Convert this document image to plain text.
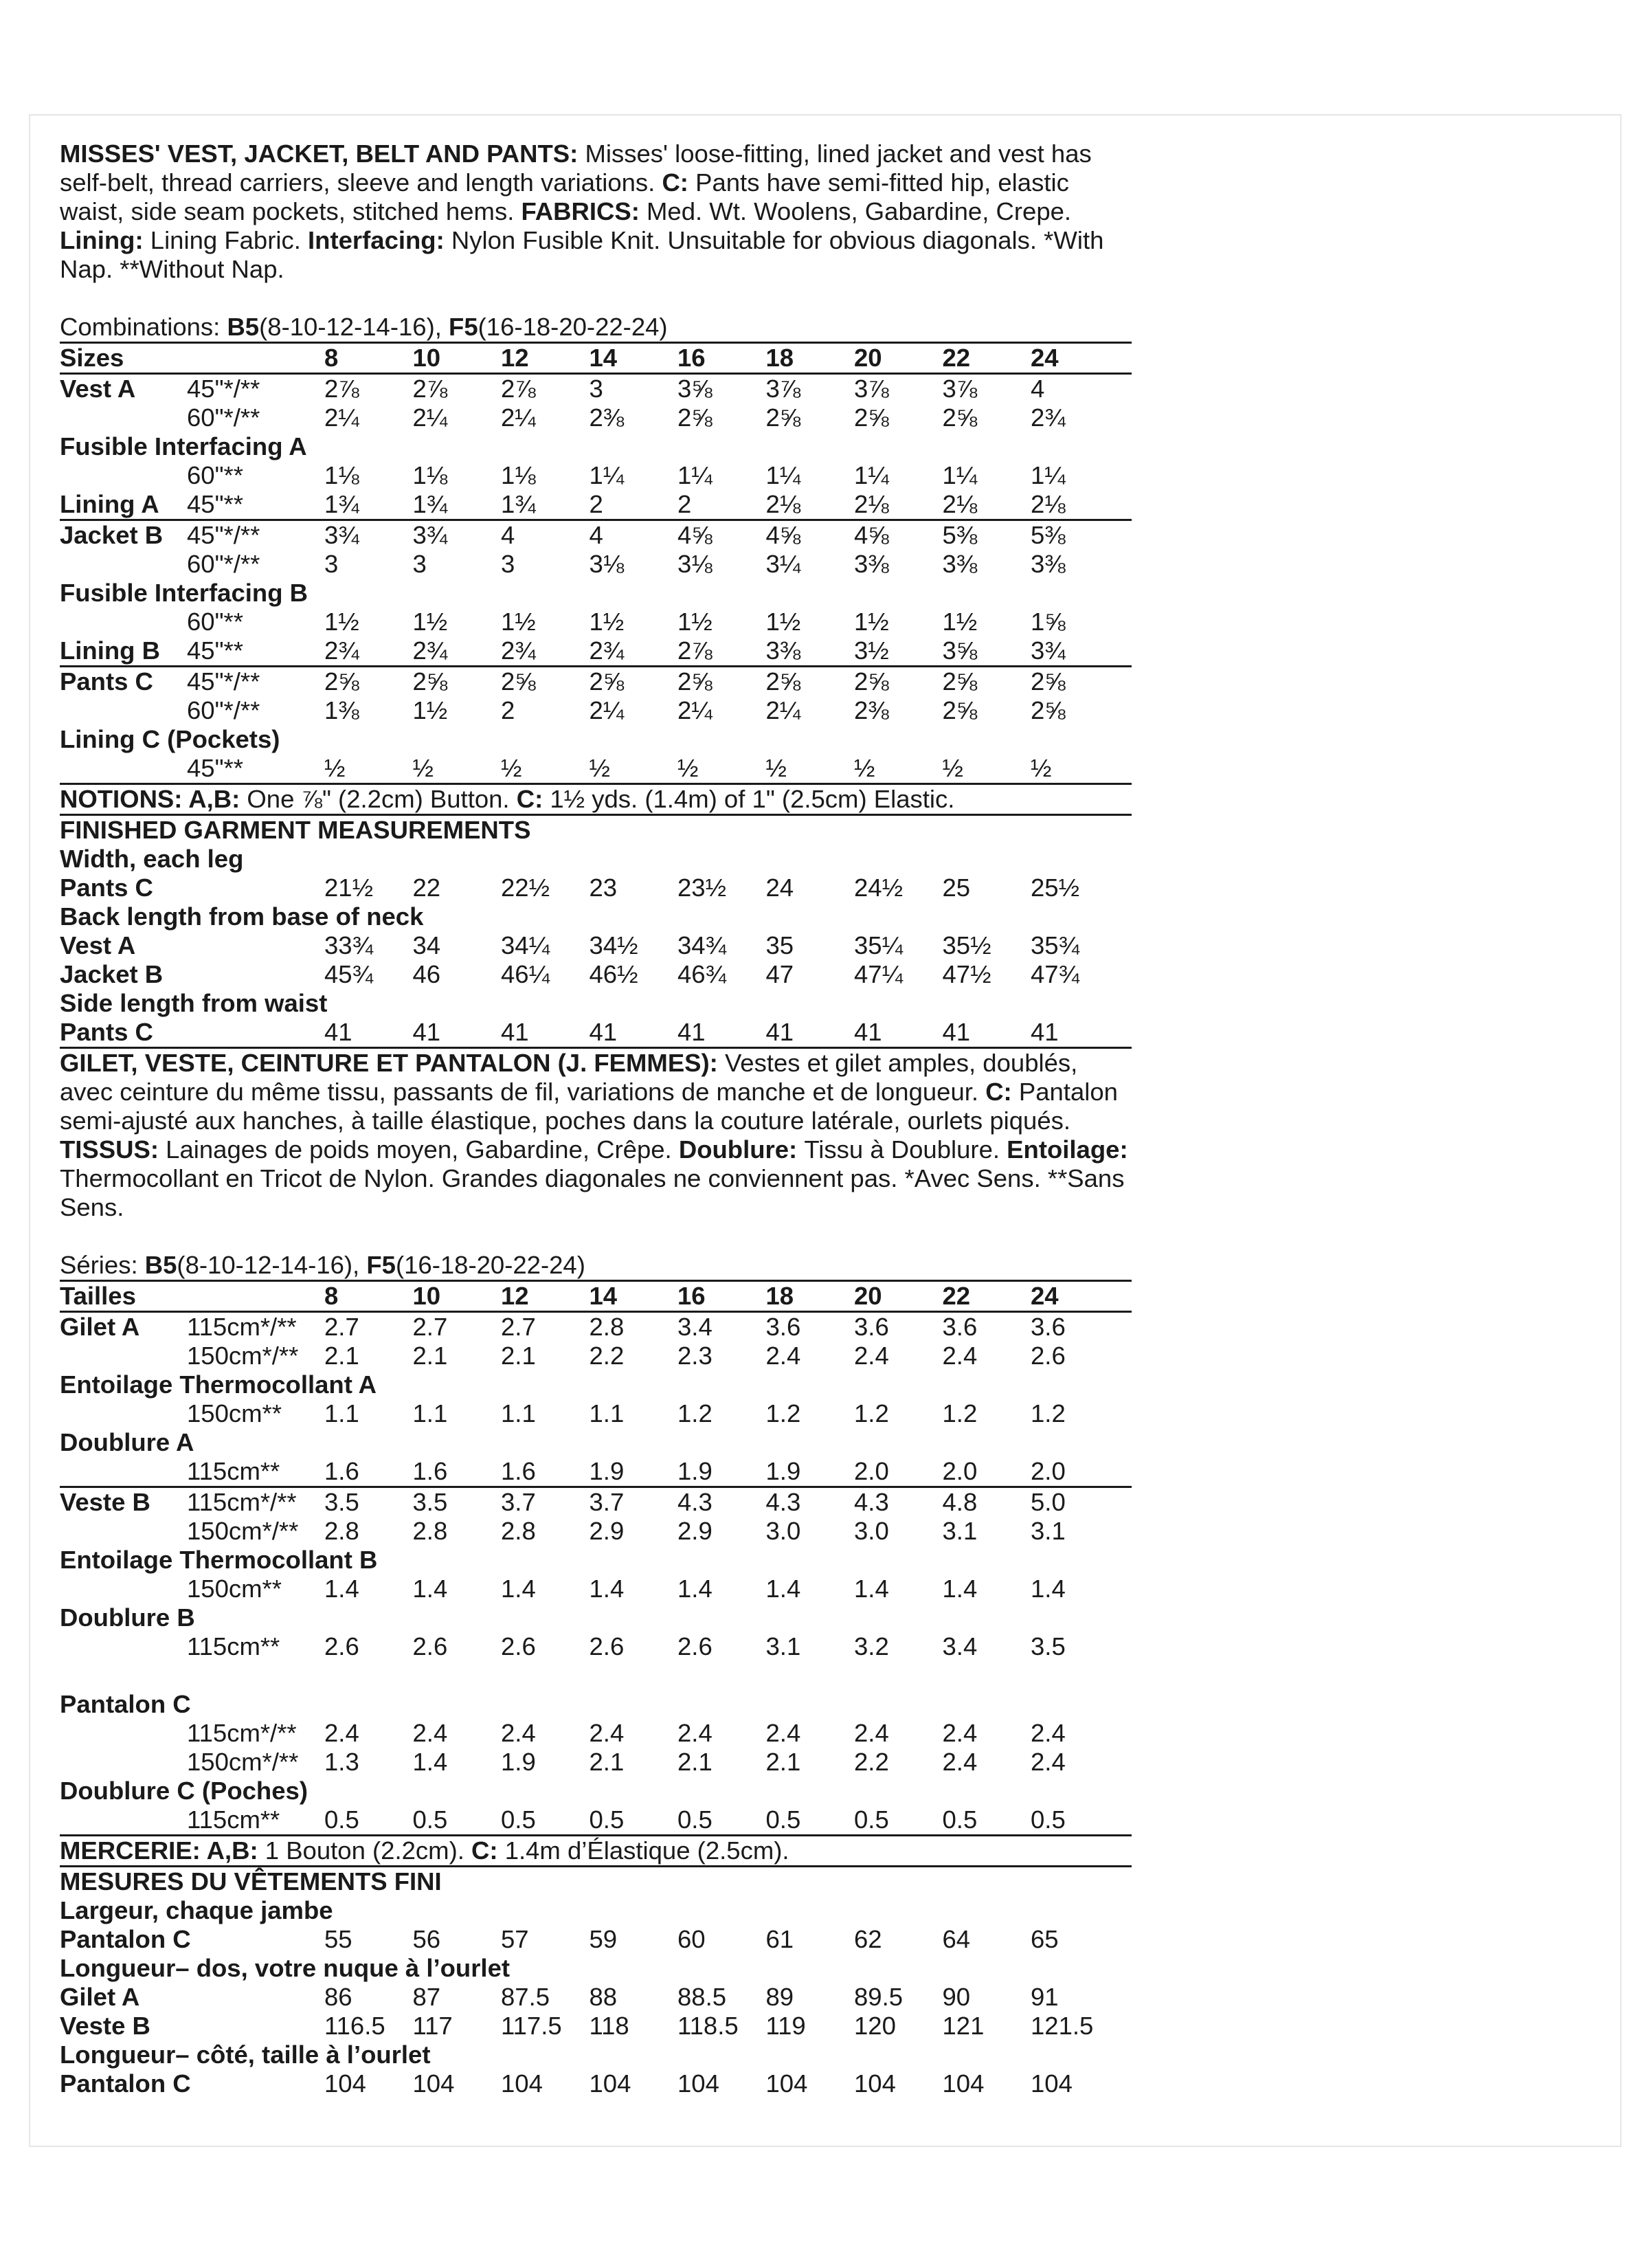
MISSES' VEST, JACKET, BELT AND PANTS: Misses' loose-fitting, lined jacket and vest has self-belt, thread carriers, sleeve and length variations. C: Pants have semi-fitted hip, elastic waist, side seam pockets, stitched hems. FABRICS: Med. Wt. Woolens, Gabardine, Crepe. Lining: Lining Fabric. Interfacing: Nylon Fusible Knit. Unsuitable for obvious diagonals. *With Nap. **Without Nap.

Combinations: B5(8-10-12-14-16), F5(16-18-20-22-24)

Sizes	8	10	12	14	16	18	20	22	24
Vest A	45"*/**	2⅞	2⅞	2⅞	3	3⅝	3⅞	3⅞	3⅞	4
60"*/**	2¼	2¼	2¼	2⅜	2⅝	2⅝	2⅝	2⅝	2¾
Fusible Interfacing A
60"**	1⅛	1⅛	1⅛	1¼	1¼	1¼	1¼	1¼	1¼
Lining A	45"**	1¾	1¾	1¾	2	2	2⅛	2⅛	2⅛	2⅛
Jacket B 45"*/**	3¾	3¾	4	4	4⅝	4⅝	4⅝	5⅜	5⅜
60"*/**	3	3	3	3⅛	3⅛	3¼	3⅜	3⅜	3⅜
Fusible Interfacing B
60"**	1½	1½	1½	1½	1½	1½	1½	1½	1⅝
Lining B	45"**	2¾	2¾	2¾	2¾	2⅞	3⅜	3½	3⅝	3¾
Pants C	45"*/**	2⅝	2⅝	2⅝	2⅝	2⅝	2⅝	2⅝	2⅝	2⅝
60"*/**	1⅜	1½	2	2¼	2¼	2¼	2⅜	2⅝	2⅝
Lining C (Pockets)
45"**	½	½	½	½	½	½	½	½	½
NOTIONS: A,B: One ⅞" (2.2cm) Button. C: 1½ yds. (1.4m) of 1" (2.5cm) Elastic.
FINISHED GARMENT MEASUREMENTS
Width, each leg
Pants C	21½	22	22½	23	23½	24	24½	25	25½
Back length from base of neck
Vest A	33¾	34	34¼	34½	34¾	35	35¼	35½	35¾
Jacket B	45¾	46	46¼	46½	46¾	47	47¼	47½	47¾
Side length from waist
Pants C	41	41	41	41	41	41	41	41	41

GILET, VESTE, CEINTURE ET PANTALON (J. FEMMES): Vestes et gilet amples, doublés, avec ceinture du même tissu, passants de fil, variations de manche et de longueur. C: Pantalon semi-ajusté aux hanches, à taille élastique, poches dans la couture latérale, ourlets piqués. TISSUS: Lainages de poids moyen, Gabardine, Crêpe. Doublure: Tissu à Doublure. Entoilage: Thermocollant en Tricot de Nylon. Grandes diagonales ne conviennent pas. *Avec Sens. **Sans Sens.

Séries: B5(8-10-12-14-16), F5(16-18-20-22-24)

Tailles	8	10	12	14	16	18	20	22	24
Gilet A	115cm*/**	2.7	2.7	2.7	2.8	3.4	3.6	3.6	3.6	3.6
150cm*/**	2.1	2.1	2.1	2.2	2.3	2.4	2.4	2.4	2.6
Entoilage Thermocollant A
150cm**	1.1	1.1	1.1	1.1	1.2	1.2	1.2	1.2	1.2
Doublure A
115cm**	1.6	1.6	1.6	1.9	1.9	1.9	2.0	2.0	2.0
Veste B	115cm*/**	3.5	3.5	3.7	3.7	4.3	4.3	4.3	4.8	5.0
150cm*/**	2.8	2.8	2.8	2.9	2.9	3.0	3.0	3.1	3.1
Entoilage Thermocollant B
150cm**	1.4	1.4	1.4	1.4	1.4	1.4	1.4	1.4	1.4
Doublure B
115cm**	2.6	2.6	2.6	2.6	2.6	3.1	3.2	3.4	3.5
Pantalon C
115cm*/**	2.4	2.4	2.4	2.4	2.4	2.4	2.4	2.4	2.4
150cm*/**	1.3	1.4	1.9	2.1	2.1	2.1	2.2	2.4	2.4
Doublure C (Poches)
115cm**	0.5	0.5	0.5	0.5	0.5	0.5	0.5	0.5	0.5
MERCERIE: A,B: 1 Bouton (2.2cm). C: 1.4m d’Élastique (2.5cm).
MESURES DU VÊTEMENTS FINI
Largeur, chaque jambe
Pantalon C	55	56	57	59	60	61	62	64	65
Longueur– dos, votre nuque à l’ourlet
Gilet A	86	87	87.5	88	88.5	89	89.5	90	91
Veste B	116.5	117	117.5	118	118.5	119	120	121	121.5
Longueur– côté, taille à l’ourlet
Pantalon C	104	104	104	104	104	104	104	104	104
